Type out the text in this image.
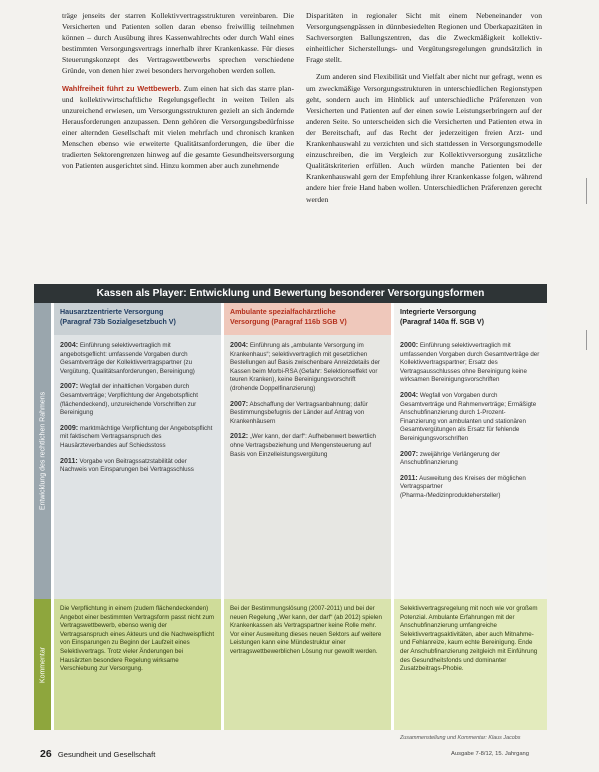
träge jenseits der starren Kollektivvertragsstrukturen vereinbaren. Die Versicherten und Patienten sollen daran ebenso freiwillig teilnehmen können – durch Ausübung ihres Kassenwahlrechts oder durch Wahl eines bestimmten Versorgungsvertrags innerhalb ihrer Krankenkasse. Für dieses Steuerungskonzept des Vertragswettbewerbs sprechen verschiedene Gründe, von denen hier zwei besonders hervorgehoben werden sollen.

Wahlfreiheit führt zu Wettbewerb. Zum einen hat sich das starre plan- und kollektivwirtschaftliche Regelungsgeflecht in weiten Teilen als unzureichend erwiesen, um Versorgungsstrukturen gezielt an sich ändernde Herausforderungen anzupassen. Denn gehören die Versorgungsbedürfnisse einer alternden Gesellschaft mit vielen mehrfach und chronisch kranken Menschen ebenso wie erweiterte Qualitätsanforderungen, die über die tradierten Sektorengrenzen hinweg auf die gesamte Gesundheitsversorgung von Patienten ausgerichtet sind. Hinzu kommen aber auch zunehmende

Disparitäten in regionaler Sicht mit einem Nebeneinander von Versorgungsengpässen in dünnbesiedelten Regionen und Überkapazitäten in Sachversorgten Ballungszentren, das die Zweckmäßigkeit kollektiv-einheitlicher Sicherstellungs- und Vergütungsregelungen grundsätzlich in Frage stellt.

Zum anderen sind Flexibilität und Vielfalt aber nicht nur gefragt, wenn es um zweckmäßige Versorgungsstrukturen in unterschiedlichen Regionstypen geht, sondern auch im Hinblick auf unterschiedliche Präferenzen von Versicherten und Patienten auf der einen sowie Leistungserbringern auf der anderen Seite. So unterscheiden sich die Versicherten und Patienten etwa in der Bereitschaft, auf das Recht der jederzeitigen freien Arzt- und Krankenhauswahl zu verzichten und sich stattdessen in Versorgungsmodelle einzuschreiben, die im Vergleich zur Kollektivversorgung zusätzliche Qualitätskriterien erfüllen. Auch würden manche Patienten bei der Krankenhauswahl gern der Empfehlung ihrer Krankenkasse folgen, während andere hier freie Hand haben wollen. Unterschiedlichen Präferenzen gerecht werden

Kassen als Player: Entwicklung und Bewertung besonderer Versorgungsformen
Entwicklung des rechtlichen Rahmens
Kommentar
Hausarztzentrierte Versorgung
(Paragraf 73b Sozialgesetzbuch V)

2004: Einführung selektivvertraglich mit angebotsgeflicht: umfassende Vorgaben durch Gesamtverträge der Kollektivvertragspartner (zu Vergütung, Qualitätsanforderungen, Bereinigung)

2007: Wegfall der inhaltlichen Vorgaben durch Gesamtverträge; Verpflichtung der Angebotspflicht (flächendeckend), unzureichende Vorschriften zur Bereinigung

2009: marktmächtige Verpflichtung der Angebotspflicht mit faktischem Vertragsanspruch des Hausärzteverbandes auf Schiedsstoss

2011: Vorgabe von Beitragssatzstabilität oder Nachweis von Einsparungen bei Vertragsschluss

Ambulante spezialfachärztliche
Versorgung (Paragraf 116b SGB V)

2004: Einführung als „ambulante Versorgung im Krankenhaus“; selektivvertraglich mit gesetzlichen Bestellungen auf Basis zwischenbare Anreizdetails der Kassen beim Morbi-RSA (Gefahr: Selektionseffekt vor teuren Kranken), keine Bereinigungsvorschrift (drohende Doppelfinanzierung)

2007: Abschaffung der Vertragsanbahnung; dafür Bestimmungsbefugnis der Länder auf Antrag von Krankenhäusern

2012: „Wer kann, der darf“: Aufhebenwert bewertlich ohne Vertragsbeziehung und Mengensteuerung auf Basis von Einzelleistungsvergütung

Integrierte Versorgung
(Paragraf 140a ff. SGB V)

2000: Einführung selektivvertraglich mit umfassenden Vorgaben durch Gesamtverträge der Kollektivvertragspartner; Ersatz des Vertragsausschlusses ohne Bereinigung keine wirksamen Bereinigungsvorschriften

2004: Wegfall von Vorgaben durch Gesamtverträge und Rahmenverträge; Ermäßigte Anschubfinanzierung durch 1-Prozent-Finanzierung von ambulanten und stationären Gesamtvergütungen als Ersatz für fehlende Bereinigungsvorschriften

2007: zweijährige Verlängerung der Anschubfinanzierung

2011: Ausweitung des Kreises der möglichen Vertragspartner (Pharma-/Medizinproduktehersteller)

Die Verpflichtung in einem (zudem flächendeckenden) Angebot einer bestimmten Vertragsform passt nicht zum Vertragswettbewerb, ebenso wenig der Vertragsanspruch eines Akteurs und die Nachweispflicht von Einsparungen zu Beginn der Laufzeit eines Selektivvertrags. Trotz vieler Änderungen bei Hausärzten besondere Regelung wirksame Verschiebung zur Versorgung.
Bei der Bestimmungslösung (2007-2011) und bei der neuen Regelung „Wer kann, der darf“ (ab 2012) spielen Krankenkassen als Vertragspartner keine Rolle mehr. Vor einer Ausweitung dieses neuen Sektors auf weitere Leistungen kann eine Mündestruktur einer vertragswettbewerblichen Lösung nur gewollt werden.
Selektivvertragsregelung mit noch wie vor großem Potenzial. Ambulante Erfahrungen mit der Anschubfinanzierung umfangreiche Selektivvertragsaktivitäten, aber auch Mitnahme- und Fehlanreize, kaum echte Bereinigung. Ende der Anschubfinanzierung zeitgleich mit Einführung des Gesundheitsfonds und dominanter Zusatzbeitrags-Phobie.
Zusammenstellung und Kommentar: Klaus Jacobs
26 Gesundheit und Gesellschaft	Ausgabe 7-8/12, 15. Jahrgang
